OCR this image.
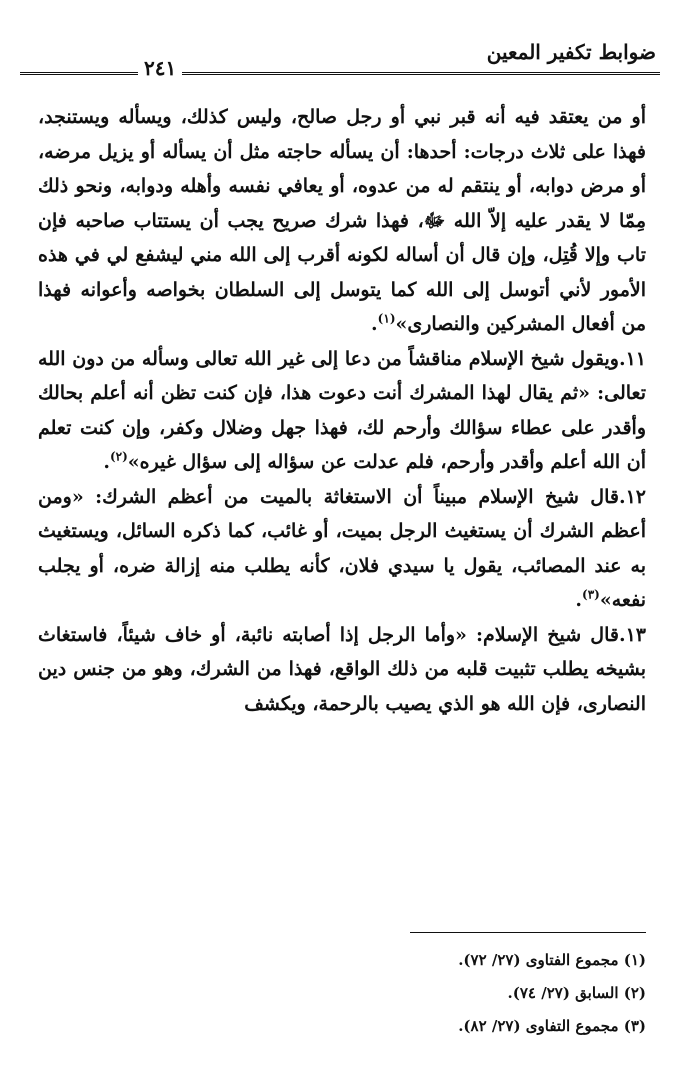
ضوابط تكفير المعين
٢٤١

أو من يعتقد فيه أنه قبر نبي أو رجل صالح، وليس كذلك، ويسأله ويستنجد، فهذا على ثلاث درجات: أحدها: أن يسأله حاجته مثل أن يسأله أو يزيل مرضه، أو مرض دوابه، أو ينتقم له من عدوه، أو يعافي نفسه وأهله ودوابه، ونحو ذلك مِمّا لا يقدر عليه إلاّ الله ﷻ، فهذا شرك صريح يجب أن يستتاب صاحبه فإن تاب وإلا قُتِل، وإن قال أن أساله لكونه أقرب إلى الله مني ليشفع لي في هذه الأمور لأني أتوسل إلى الله كما يتوسل إلى السلطان بخواصه وأعوانه فهذا من أفعال المشركين والنصارى»$^{(١)}$.

١١.ويقول شيخ الإسلام مناقشاً من دعا إلى غير الله تعالى وسأله من دون الله تعالى: «ثم يقال لهذا المشرك أنت دعوت هذا، فإن كنت تظن أنه أعلم بحالك وأقدر على عطاء سؤالك وأرحم لك، فهذا جهل وضلال وكفر، وإن كنت تعلم أن الله أعلم وأقدر وأرحم، فلم عدلت عن سؤاله إلى سؤال غيره»$^{(٢)}$.

١٢.قال شيخ الإسلام مبيناً أن الاستغاثة بالميت من أعظم الشرك: «ومن أعظم الشرك أن يستغيث الرجل بميت، أو غائب، كما ذكره السائل، ويستغيث به عند المصائب، يقول يا سيدي فلان، كأنه يطلب منه إزالة ضره، أو يجلب نفعه»$^{(٣)}$.

١٣.قال شيخ الإسلام: «وأما الرجل إذا أصابته نائبة، أو خاف شيئاً، فاستغاث بشيخه يطلب تثبيت قلبه من ذلك الواقع، فهذا من الشرك، وهو من جنس دين النصارى، فإن الله هو الذي يصيب بالرحمة، ويكشف

(١) مجموع الفتاوى (٢٧/ ٧٢).
(٢) السابق (٢٧/ ٧٤).
(٣) مجموع التفاوى (٢٧/ ٨٢).
